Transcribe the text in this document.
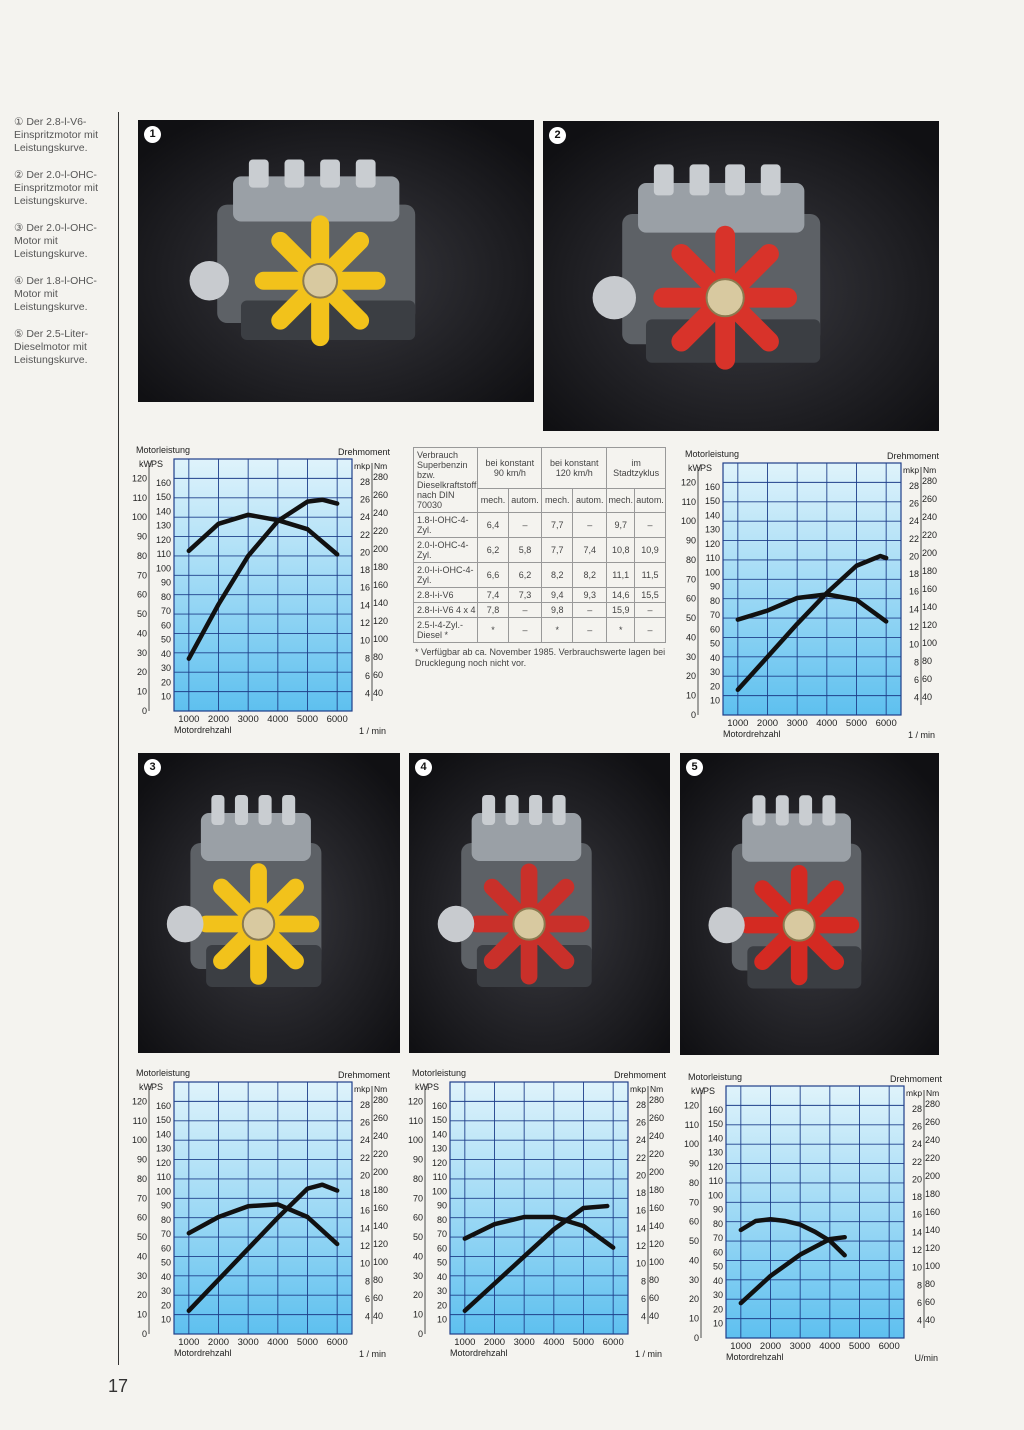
① Der 2.8-l-V6-Einspritzmotor mit Leistungskurve.
② Der 2.0-l-OHC-Einspritzmotor mit Leistungskurve.
③ Der 2.0-l-OHC-Motor mit Leistungskurve.
④ Der 1.8-l-OHC-Motor mit Leistungskurve.
⑤ Der 2.5-Liter-Dieselmotor mit Leistungskurve.
17
1	2
3	4	5
1000 2000 3000 4000 5000 6000
0
10
20
30
40
50
60
70
80
90
100
110
120
10
20
30
40
50
60
70
80
90
100
110
120
130
140
150
160
4
6
8
10
12
14
16
18
20
22
24
26
28
40
60
80
100
120
140
160
180
200
220
240
260
280
Motorleistung	Drehmoment
kW PS	mkp Nm
Motordrehzahl	1 / min
1000 2000 3000 4000 5000 6000
0
10
20
30
40
50
60
70
80
90
100
110
120
10
20
30
40
50
60
70
80
90
100
110
120
130
140
150
160
4
6
8
10
12
14
16
18
20
22
24
26
28
40
60
80
100
120
140
160
180
200
220
240
260
280
Motorleistung	Drehmoment
kW PS	mkp Nm
Motordrehzahl	1 / min
1000 2000 3000 4000 5000 6000
0
10
20
30
40
50
60
70
80
90
100
110
120
10
20
30
40
50
60
70
80
90
100
110
120
130
140
150
160
4
6
8
10
12
14
16
18
20
22
24
26
28
40
60
80
100
120
140
160
180
200
220
240
260
280
Motorleistung	Drehmoment
kW PS	mkp Nm
Motordrehzahl	1 / min
1000 2000 3000 4000 5000 6000
0
10
20
30
40
50
60
70
80
90
100
110
120
10
20
30
40
50
60
70
80
90
100
110
120
130
140
150
160
4
6
8
10
12
14
16
18
20
22
24
26
28
40
60
80
100
120
140
160
180
200
220
240
260
280
Motorleistung	Drehmoment
kW PS	mkp Nm
Motordrehzahl	1 / min
1000 2000 3000 4000 5000 6000
0
10
20
30
40
50
60
70
80
90
100
110
120
10
20
30
40
50
60
70
80
90
100
110
120
130
140
150
160
4
6
8
10
12
14
16
18
20
22
24
26
28
40
60
80
100
120
140
160
180
200
220
240
260
280
Motorleistung	Drehmoment
kW PS	mkp Nm
Motordrehzahl	U/min
Verbrauch Superbenzin bzw. Dieselkraftstoff nach DIN 70030	bei konstant 90 km/h		bei konstant 120 km/h		im Stadtzyklus	
	mech.	autom.	mech.	autom.	mech.	autom.
1.8-l-OHC-4-Zyl.	6,4	–	7,7	–	9,7	–
2.0-l-OHC-4-Zyl.	6,2	5,8	7,7	7,4	10,8	10,9
2.0-l-i-OHC-4-Zyl.	6,6	6,2	8,2	8,2	11,1	11,5
2.8-l-i-V6	7,4	7,3	9,4	9,3	14,6	15,5
2.8-l-i-V6 4 x 4	7,8	–	9,8	–	15,9	–
2.5-l-4-Zyl.-Diesel *	*	–	*	–	*	–
* Verfügbar ab ca. November 1985. Verbrauchswerte lagen bei Drucklegung noch nicht vor.
